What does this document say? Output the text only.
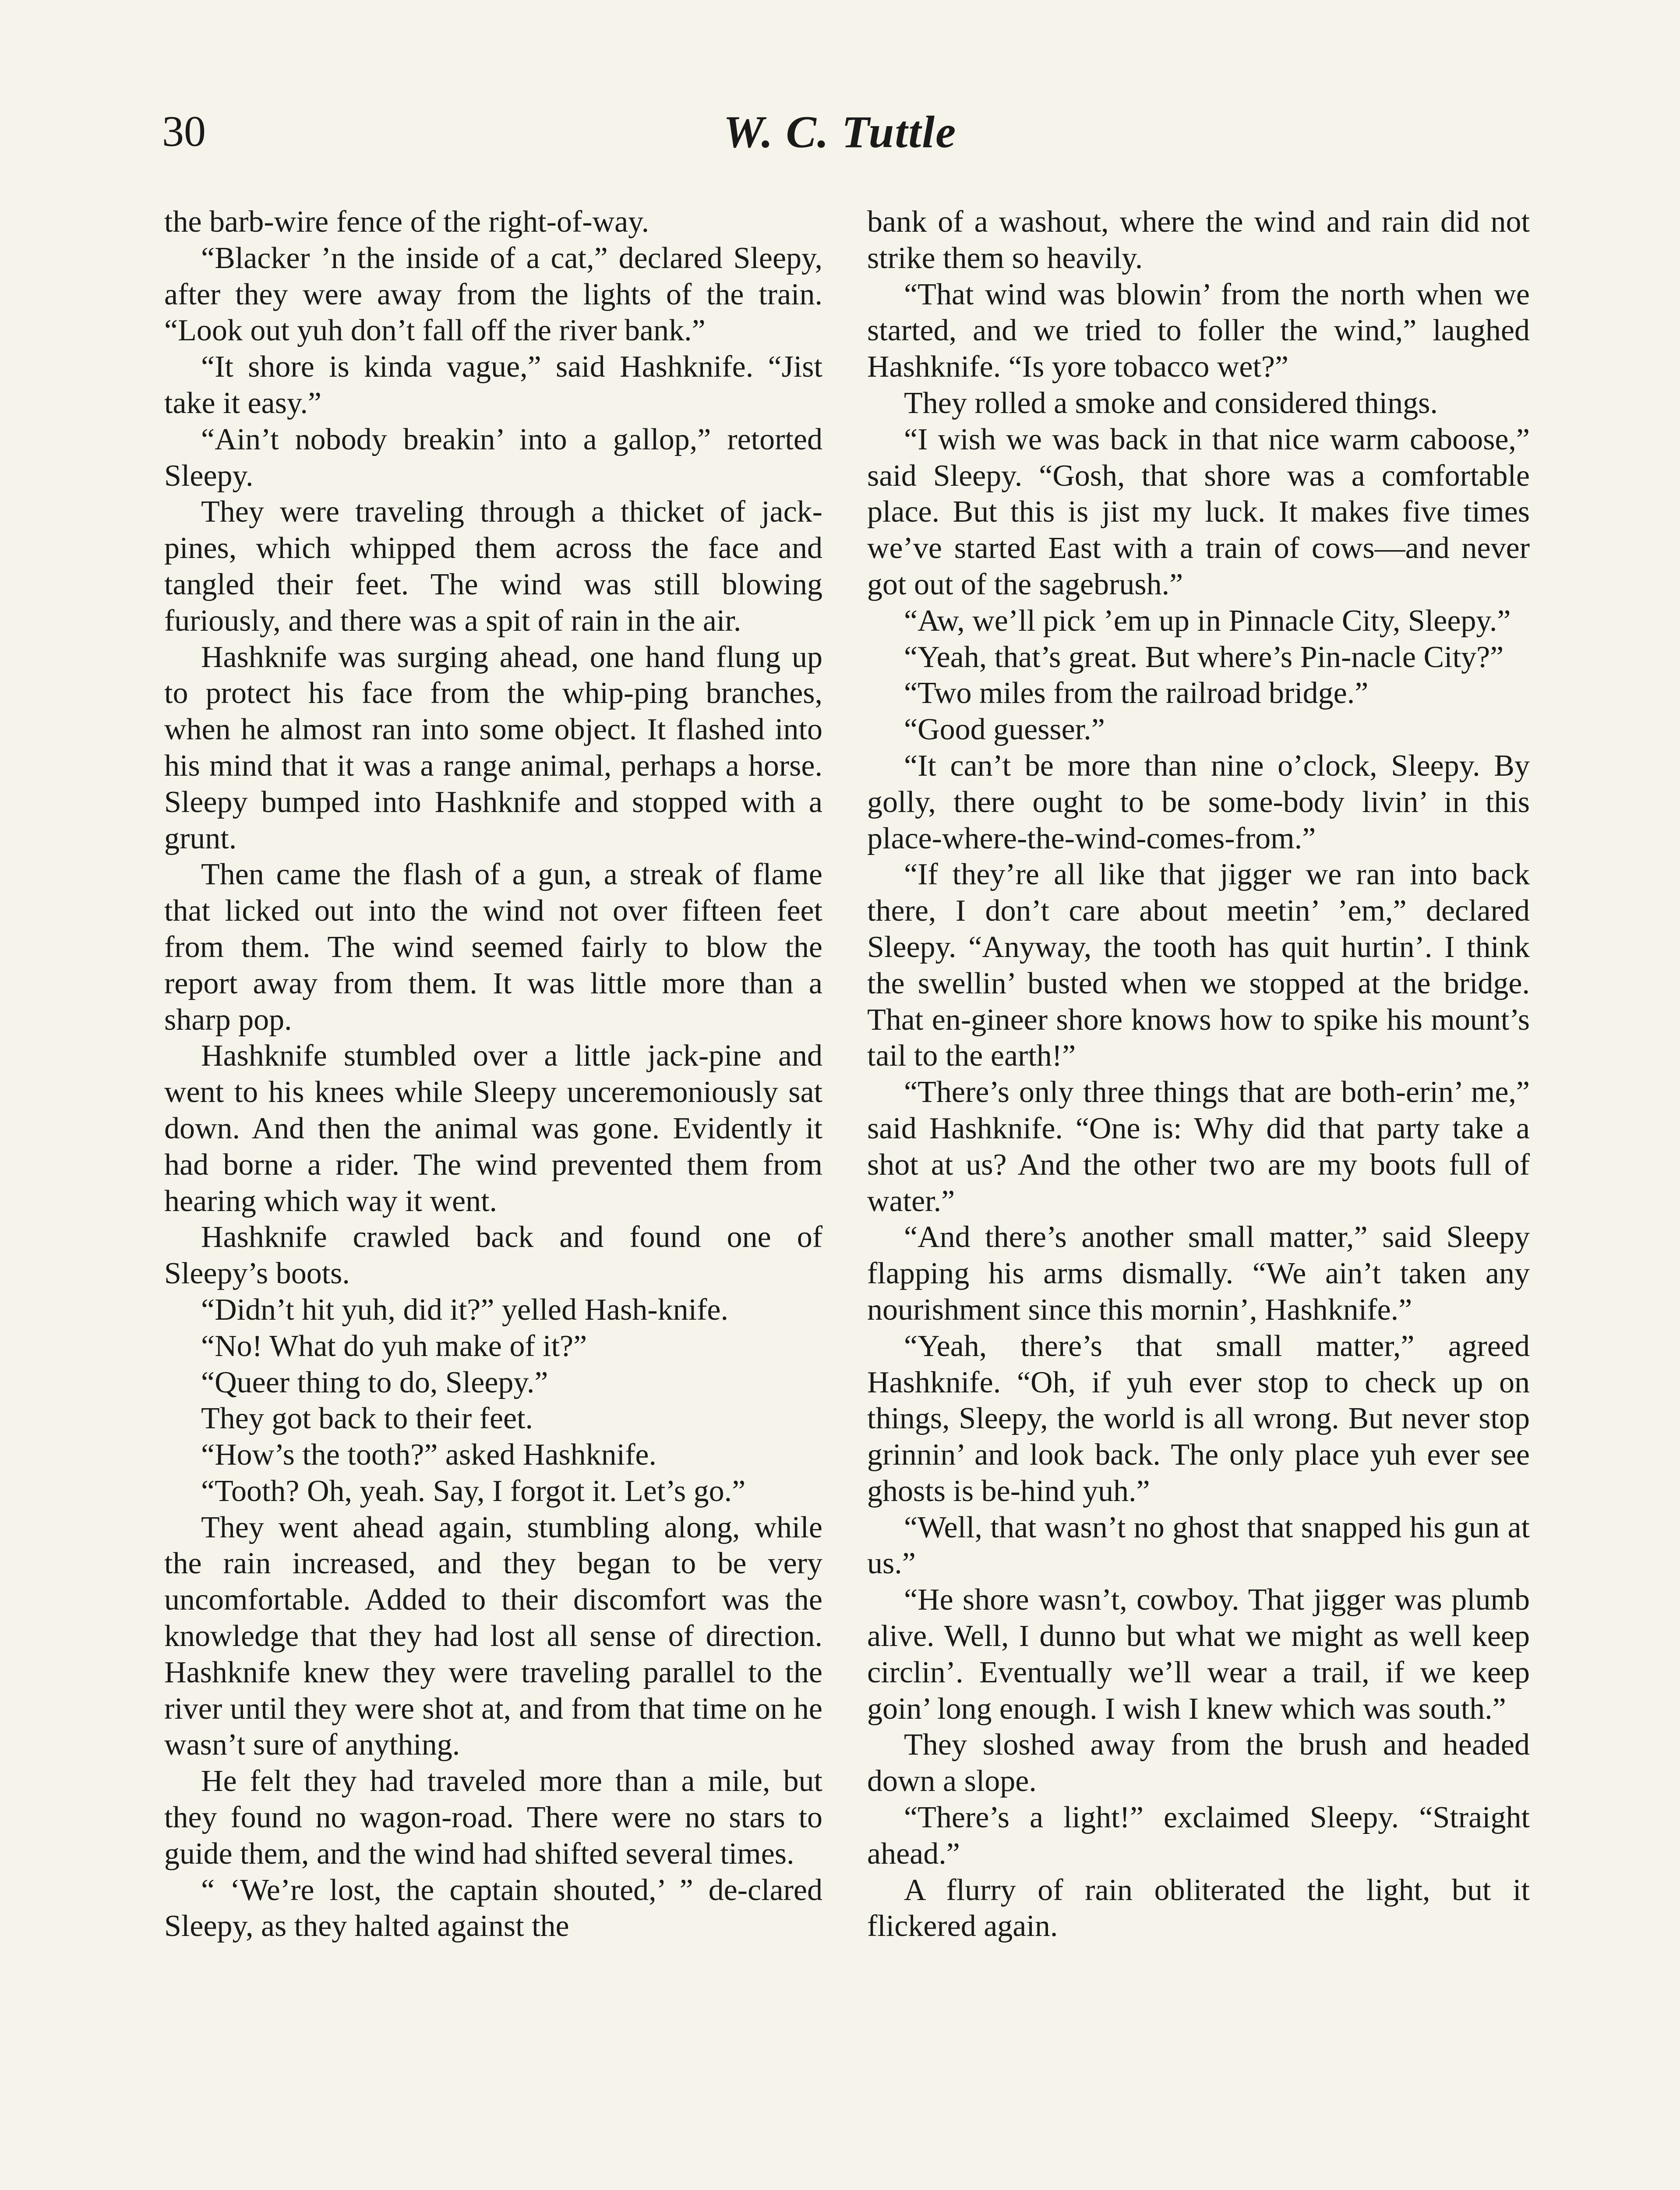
30	W. C. Tuttle

the barb-wire fence of the right-of-way.

“Blacker ’n the inside of a cat,” declared Sleepy, after they were away from the lights of the train. “Look out yuh don’t fall off the river bank.”

“It shore is kinda vague,” said Hashknife. “Jist take it easy.”

“Ain’t nobody breakin’ into a gallop,” retorted Sleepy.

They were traveling through a thicket of jack-pines, which whipped them across the face and tangled their feet. The wind was still blowing furiously, and there was a spit of rain in the air.

Hashknife was surging ahead, one hand flung up to protect his face from the whip-ping branches, when he almost ran into some object. It flashed into his mind that it was a range animal, perhaps a horse. Sleepy bumped into Hashknife and stopped with a grunt.

Then came the flash of a gun, a streak of flame that licked out into the wind not over fifteen feet from them. The wind seemed fairly to blow the report away from them. It was little more than a sharp pop.

Hashknife stumbled over a little jack-pine and went to his knees while Sleepy unceremoniously sat down. And then the animal was gone. Evidently it had borne a rider. The wind prevented them from hearing which way it went.

Hashknife crawled back and found one of Sleepy’s boots.

“Didn’t hit yuh, did it?” yelled Hash-knife.

“No! What do yuh make of it?”

“Queer thing to do, Sleepy.”

They got back to their feet.

“How’s the tooth?” asked Hashknife.

“Tooth? Oh, yeah. Say, I forgot it. Let’s go.”

They went ahead again, stumbling along, while the rain increased, and they began to be very uncomfortable. Added to their discomfort was the knowledge that they had lost all sense of direction. Hashknife knew they were traveling parallel to the river until they were shot at, and from that time on he wasn’t sure of anything.

He felt they had traveled more than a mile, but they found no wagon-road. There were no stars to guide them, and the wind had shifted several times.

“ ‘We’re lost, the captain shouted,’ ” de-clared Sleepy, as they halted against the

bank of a washout, where the wind and rain did not strike them so heavily.

“That wind was blowin’ from the north when we started, and we tried to foller the wind,” laughed Hashknife. “Is yore tobacco wet?”

They rolled a smoke and considered things.

“I wish we was back in that nice warm caboose,” said Sleepy. “Gosh, that shore was a comfortable place. But this is jist my luck. It makes five times we’ve started East with a train of cows—and never got out of the sagebrush.”

“Aw, we’ll pick ’em up in Pinnacle City, Sleepy.”

“Yeah, that’s great. But where’s Pin-nacle City?”

“Two miles from the railroad bridge.”

“Good guesser.”

“It can’t be more than nine o’clock, Sleepy. By golly, there ought to be some-body livin’ in this place-where-the-wind-comes-from.”

“If they’re all like that jigger we ran into back there, I don’t care about meetin’ ’em,” declared Sleepy. “Anyway, the tooth has quit hurtin’. I think the swellin’ busted when we stopped at the bridge. That en-gineer shore knows how to spike his mount’s tail to the earth!”

“There’s only three things that are both-erin’ me,” said Hashknife. “One is: Why did that party take a shot at us? And the other two are my boots full of water.”

“And there’s another small matter,” said Sleepy flapping his arms dismally. “We ain’t taken any nourishment since this mornin’, Hashknife.”

“Yeah, there’s that small matter,” agreed Hashknife. “Oh, if yuh ever stop to check up on things, Sleepy, the world is all wrong. But never stop grinnin’ and look back. The only place yuh ever see ghosts is be-hind yuh.”

“Well, that wasn’t no ghost that snapped his gun at us.”

“He shore wasn’t, cowboy. That jigger was plumb alive. Well, I dunno but what we might as well keep circlin’. Eventually we’ll wear a trail, if we keep goin’ long enough. I wish I knew which was south.”

They sloshed away from the brush and headed down a slope.

“There’s a light!” exclaimed Sleepy. “Straight ahead.”

A flurry of rain obliterated the light, but it flickered again.
